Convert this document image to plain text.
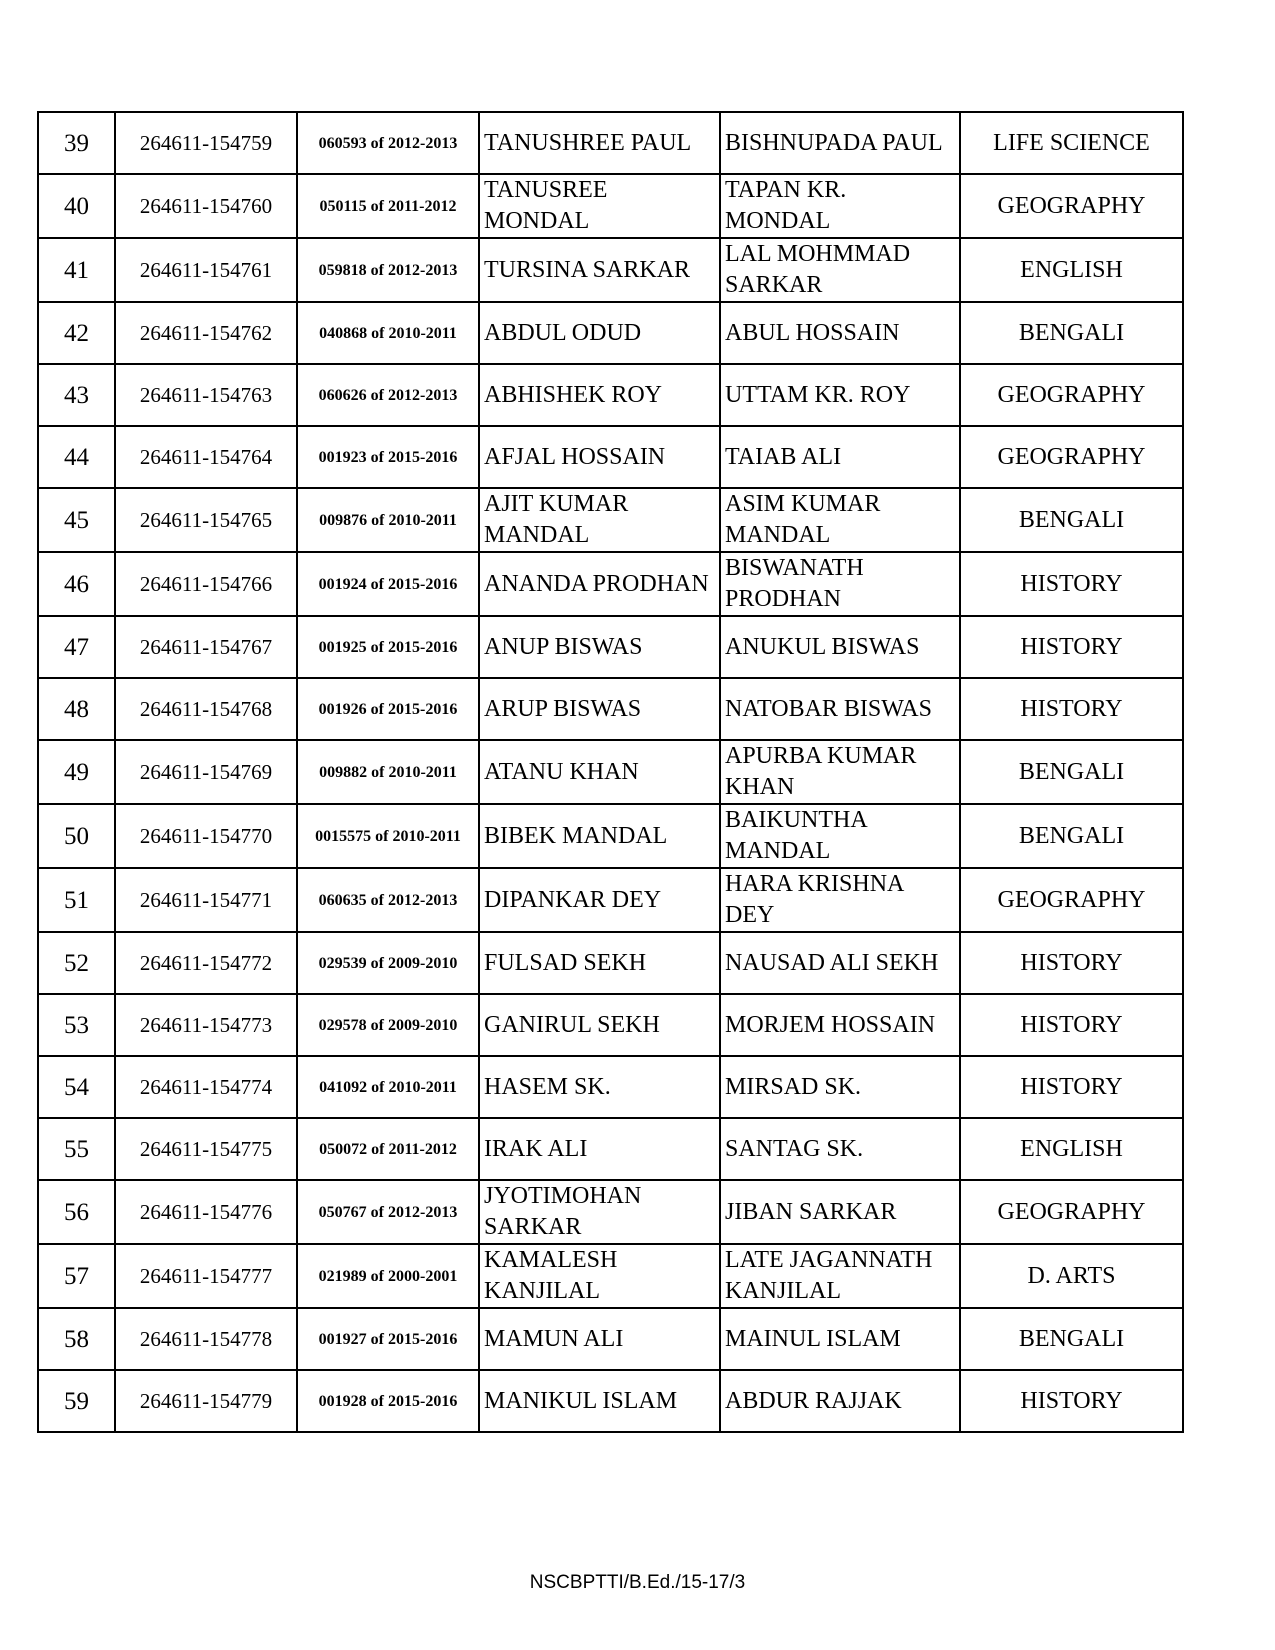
39	264611-154759	060593 of 2012-2013	TANUSHREE PAUL	BISHNUPADA PAUL	LIFE SCIENCE
40	264611-154760	050115 of 2011-2012	TANUSREE MONDAL	TAPAN KR. MONDAL	GEOGRAPHY
41	264611-154761	059818 of 2012-2013	TURSINA SARKAR	LAL MOHMMAD SARKAR	ENGLISH
42	264611-154762	040868 of 2010-2011	ABDUL ODUD	ABUL HOSSAIN	BENGALI
43	264611-154763	060626 of 2012-2013	ABHISHEK ROY	UTTAM KR. ROY	GEOGRAPHY
44	264611-154764	001923 of 2015-2016	AFJAL HOSSAIN	TAIAB ALI	GEOGRAPHY
45	264611-154765	009876 of 2010-2011	AJIT KUMAR MANDAL	ASIM KUMAR MANDAL	BENGALI
46	264611-154766	001924 of 2015-2016	ANANDA PRODHAN	BISWANATH PRODHAN	HISTORY
47	264611-154767	001925 of 2015-2016	ANUP BISWAS	ANUKUL BISWAS	HISTORY
48	264611-154768	001926 of 2015-2016	ARUP BISWAS	NATOBAR BISWAS	HISTORY
49	264611-154769	009882 of 2010-2011	ATANU KHAN	APURBA KUMAR KHAN	BENGALI
50	264611-154770	0015575 of 2010-2011	BIBEK MANDAL	BAIKUNTHA MANDAL	BENGALI
51	264611-154771	060635 of 2012-2013	DIPANKAR DEY	HARA KRISHNA DEY	GEOGRAPHY
52	264611-154772	029539 of 2009-2010	FULSAD SEKH	NAUSAD ALI SEKH	HISTORY
53	264611-154773	029578 of 2009-2010	GANIRUL SEKH	MORJEM HOSSAIN	HISTORY
54	264611-154774	041092 of 2010-2011	HASEM SK.	MIRSAD SK.	HISTORY
55	264611-154775	050072 of 2011-2012	IRAK ALI	SANTAG SK.	ENGLISH
56	264611-154776	050767 of 2012-2013	JYOTIMOHAN SARKAR	JIBAN SARKAR	GEOGRAPHY
57	264611-154777	021989 of 2000-2001	KAMALESH KANJILAL	LATE JAGANNATH KANJILAL	D. ARTS
58	264611-154778	001927 of 2015-2016	MAMUN ALI	MAINUL ISLAM	BENGALI
59	264611-154779	001928 of 2015-2016	MANIKUL ISLAM	ABDUR RAJJAK	HISTORY
NSCBPTTI/B.Ed./15-17/3
